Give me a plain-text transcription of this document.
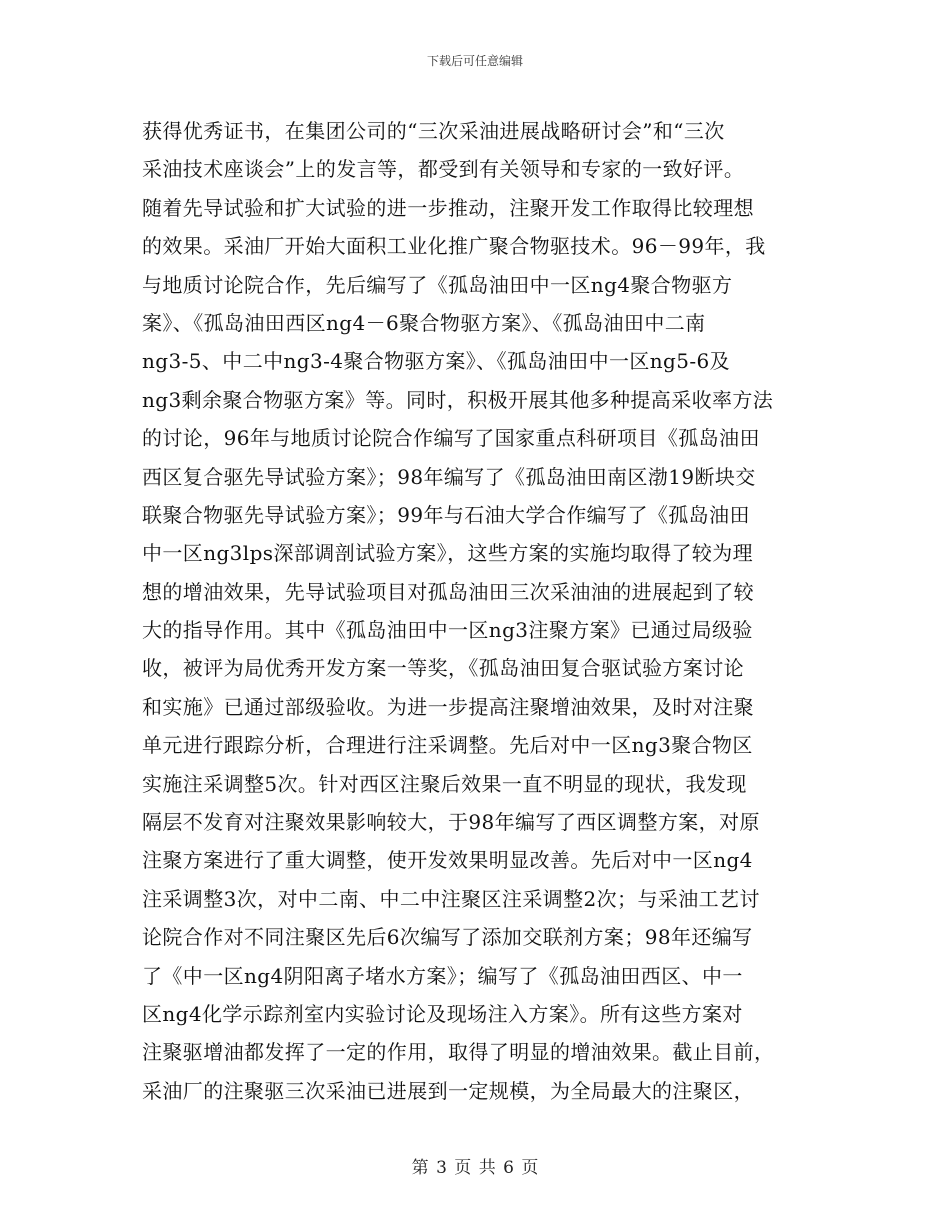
下载后可任意编辑
获得优秀证书，在集团公司的“三次采油进展战略研讨会”和“三次
采油技术座谈会”上的发言等，都受到有关领导和专家的一致好评。
随着先导试验和扩大试验的进一步推动，注聚开发工作取得比较理想
的效果。采油厂开始大面积工业化推广聚合物驱技术。96－99年，我
与地质讨论院合作，先后编写了《孤岛油田中一区ng4聚合物驱方
案》、《孤岛油田西区ng4－6聚合物驱方案》、《孤岛油田中二南
ng3-5、中二中ng3-4聚合物驱方案》、《孤岛油田中一区ng5-6及
ng3剩余聚合物驱方案》等。同时，积极开展其他多种提高采收率方法
的讨论，96年与地质讨论院合作编写了国家重点科研项目《孤岛油田
西区复合驱先导试验方案》；98年编写了《孤岛油田南区渤19断块交
联聚合物驱先导试验方案》；99年与石油大学合作编写了《孤岛油田
中一区ng3lps深部调剖试验方案》，这些方案的实施均取得了较为理
想的增油效果，先导试验项目对孤岛油田三次采油油的进展起到了较
大的指导作用。其中《孤岛油田中一区ng3注聚方案》已通过局级验
收，被评为局优秀开发方案一等奖，《孤岛油田复合驱试验方案讨论
和实施》已通过部级验收。为进一步提高注聚增油效果，及时对注聚
单元进行跟踪分析，合理进行注采调整。先后对中一区ng3聚合物区
实施注采调整5次。针对西区注聚后效果一直不明显的现状，我发现
隔层不发育对注聚效果影响较大，于98年编写了西区调整方案，对原
注聚方案进行了重大调整，使开发效果明显改善。先后对中一区ng4
注采调整3次，对中二南、中二中注聚区注采调整2次；与采油工艺讨
论院合作对不同注聚区先后6次编写了添加交联剂方案；98年还编写
了《中一区ng4阴阳离子堵水方案》；编写了《孤岛油田西区、中一
区ng4化学示踪剂室内实验讨论及现场注入方案》。所有这些方案对
注聚驱增油都发挥了一定的作用，取得了明显的增油效果。截止目前，
采油厂的注聚驱三次采油已进展到一定规模，为全局最大的注聚区，
第 3 页 共 6 页
